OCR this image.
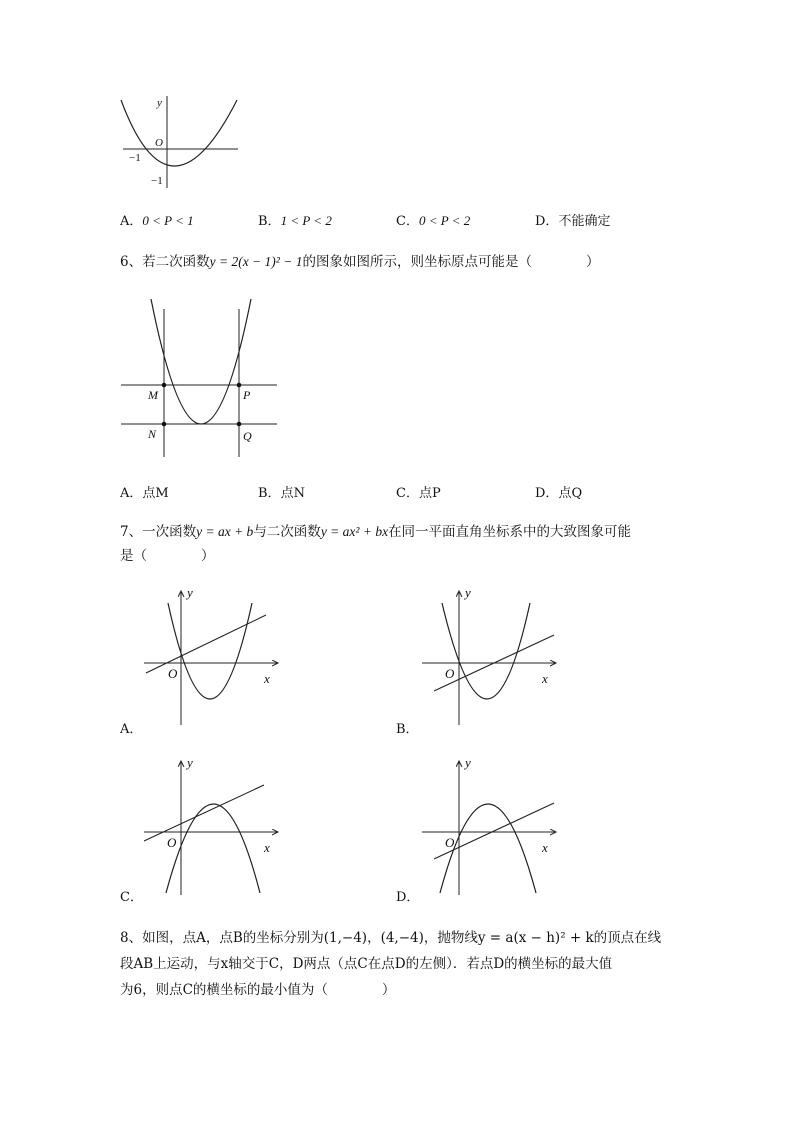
y
O
−1
−1
A．0 < P < 1	B．1 < P < 2	C．0 < P < 2	D．不能确定
6、若二次函数y = 2(x − 1)² − 1的图象如图所示，则坐标原点可能是（　　　　）
M
N
P
Q
A．点M	B．点N	C．点P	D．点Q
7、一次函数y = ax + b与二次函数y = ax² + bx在同一平面直角坐标系中的大致图象可能
是（　　　　）
y
O	x
A．
y
O	x
B．
y
O	x
C．
y
O	x
D．
8、如图，点A，点B的坐标分别为(1,−4)，(4,−4)，抛物线y = a(x − h)² + k的顶点在线
段AB上运动，与x轴交于C，D两点（点C在点D的左侧）．若点D的横坐标的最大值
为6，则点C的横坐标的最小值为（　　　　）
